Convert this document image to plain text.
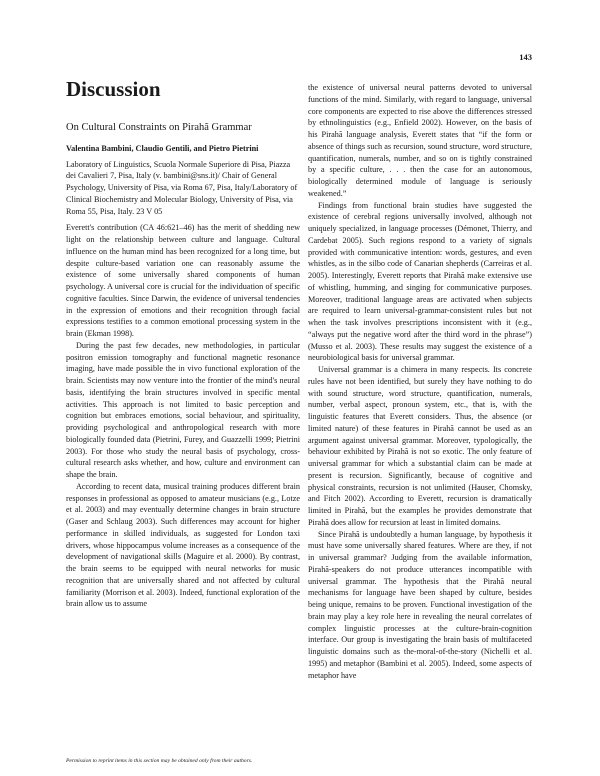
143
Discussion
On Cultural Constraints on Pirahã Grammar

Valentina Bambini, Claudio Gentili, and Pietro Pietrini

Laboratory of Linguistics, Scuola Normale Superiore di Pisa, Piazza dei Cavalieri 7, Pisa, Italy (v. bambini@sns.it)/ Chair of General Psychology, University of Pisa, via Roma 67, Pisa, Italy/Laboratory of Clinical Biochemistry and Molecular Biology, University of Pisa, via Roma 55, Pisa, Italy. 23 V 05

Everett's contribution (CA 46:621–46) has the merit of shedding new light on the relationship between culture and language. Cultural influence on the human mind has been recognized for a long time, but despite culture-based variation one can reasonably assume the existence of some universally shared components of human psychology. A universal core is crucial for the individuation of specific cognitive faculties. Since Darwin, the evidence of universal tendencies in the expression of emotions and their recognition through facial expressions testifies to a common emotional processing system in the brain (Ekman 1998).

During the past few decades, new methodologies, in particular positron emission tomography and functional magnetic resonance imaging, have made possible the in vivo functional exploration of the brain. Scientists may now venture into the frontier of the mind's neural basis, identifying the brain structures involved in specific mental activities. This approach is not limited to basic perception and cognition but embraces emotions, social behaviour, and spirituality, providing psychological and anthropological research with more biologically founded data (Pietrini, Furey, and Guazzelli 1999; Pietrini 2003). For those who study the neural basis of psychology, cross-cultural research asks whether, and how, culture and environment can shape the brain.

According to recent data, musical training produces different brain responses in professional as opposed to amateur musicians (e.g., Lotze et al. 2003) and may eventually determine changes in brain structure (Gaser and Schlaug 2003). Such differences may account for higher performance in skilled individuals, as suggested for London taxi drivers, whose hippocampus volume increases as a consequence of the development of navigational skills (Maguire et al. 2000). By contrast, the brain seems to be equipped with neural networks for music recognition that are universally shared and not affected by cultural familiarity (Morrison et al. 2003). Indeed, functional exploration of the brain allow us to assume

the existence of universal neural patterns devoted to universal functions of the mind. Similarly, with regard to language, universal core components are expected to rise above the differences stressed by ethnolinguistics (e.g., Enfield 2002). However, on the basis of his Pirahã language analysis, Everett states that “if the form or absence of things such as recursion, sound structure, word structure, quantification, numerals, number, and so on is tightly constrained by a specific culture, . . . then the case for an autonomous, biologically determined module of language is seriously weakened.”

Findings from functional brain studies have suggested the existence of cerebral regions universally involved, although not uniquely specialized, in language processes (Démonet, Thierry, and Cardebat 2005). Such regions respond to a variety of signals provided with communicative intention: words, gestures, and even whistles, as in the silbo code of Canarian shepherds (Carreiras et al. 2005). Interestingly, Everett reports that Pirahã make extensive use of whistling, humming, and singing for communicative purposes. Moreover, traditional language areas are activated when subjects are required to learn universal-grammar-consistent rules but not when the task involves prescriptions inconsistent with it (e.g., “always put the negative word after the third word in the phrase”) (Musso et al. 2003). These results may suggest the existence of a neurobiological basis for universal grammar.

Universal grammar is a chimera in many respects. Its concrete rules have not been identified, but surely they have nothing to do with sound structure, word structure, quantification, numerals, number, verbal aspect, pronoun system, etc., that is, with the linguistic features that Everett considers. Thus, the absence (or limited nature) of these features in Pirahã cannot be used as an argument against universal grammar. Moreover, typologically, the behaviour exhibited by Pirahã is not so exotic. The only feature of universal grammar for which a substantial claim can be made at present is recursion. Significantly, because of cognitive and physical constraints, recursion is not unlimited (Hauser, Chomsky, and Fitch 2002). According to Everett, recursion is dramatically limited in Pirahã, but the examples he provides demonstrate that Pirahã does allow for recursion at least in limited domains.

Since Pirahã is undoubtedly a human language, by hypothesis it must have some universally shared features. Where are they, if not in universal grammar? Judging from the available information, Pirahã-speakers do not produce utterances incompatible with universal grammar. The hypothesis that the Pirahã neural mechanisms for language have been shaped by culture, besides being unique, remains to be proven. Functional investigation of the brain may play a key role here in revealing the neural correlates of complex linguistic processes at the culture-brain-cognition interface. Our group is investigating the brain basis of multifaceted linguistic domains such as the-moral-of-the-story (Nichelli et al. 1995) and metaphor (Bambini et al. 2005). Indeed, some aspects of metaphor have

Permission to reprint items in this section may be obtained only from their authors.
